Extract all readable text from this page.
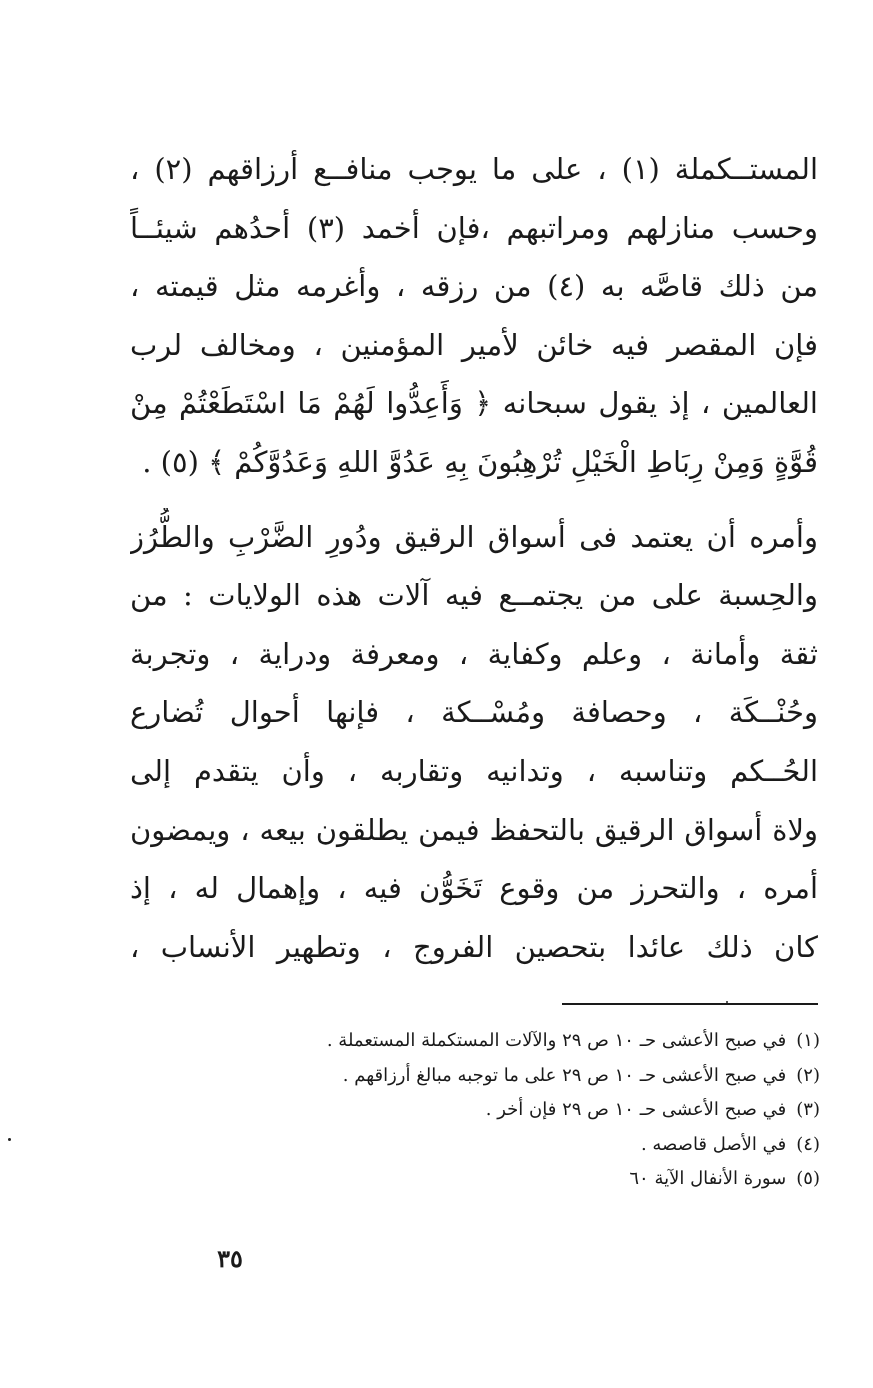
المستــكملة (١) ، على ما يوجب منافــع أرزاقهم (٢) ،
وحسب منازلهم ومراتبهم ،فإن أخمد (٣) أحدُهم شيئــاً
من ذلك قاصَّه به (٤) من رزقه ، وأغرمه مثل قيمته ،
فإن المقصر فيه خائن لأمير المؤمنين ، ومخالف لرب
العالمين ، إذ يقول سبحانه ﴿ وَأَعِدُّوا لَهُمْ مَا اسْتَطَعْتُمْ مِنْ
قُوَّةٍ وَمِنْ رِبَاطِ الْخَيْلِ تُرْهِبُونَ بِهِ عَدُوَّ اللهِ وَعَدُوَّكُمْ ﴾ (٥) .
وأمره أن يعتمد فى أسواق الرقيق ودُورِ الضَّرْبِ والطُّرُز
والحِسبة على من يجتمــع فيه آلات هذه الولايات : من
ثقة وأمانة ، وعلم وكفاية ، ومعرفة ودراية ، وتجربة
وحُنْــكَة ، وحصافة ومُسْــكة ، فإنها أحوال تُضارع
الحُــكم وتناسبه ، وتدانيه وتقاربه ، وأن يتقدم إلى
ولاة أسواق الرقيق بالتحفظ فيمن يطلقون بيعه ، ويمضون
أمره ، والتحرز من وقوع تَخَوُّن فيه ، وإهمال له ، إذ
كان ذلك عائدا بتحصين الفروج ، وتطهير الأنساب ،
(١)في صبح الأعشى حـ ١٠ ص ٢٩ والآلات المستكملة المستعملة .
(٢)في صبح الأعشى حـ ١٠ ص ٢٩ على ما توجبه مبالغ أرزاقهم .
(٣)في صبح الأعشى حـ ١٠ ص ٢٩ فإن أخر .
(٤)في الأصل قاصصه .
(٥)سورة الأنفال الآية ٦٠
٣٥
